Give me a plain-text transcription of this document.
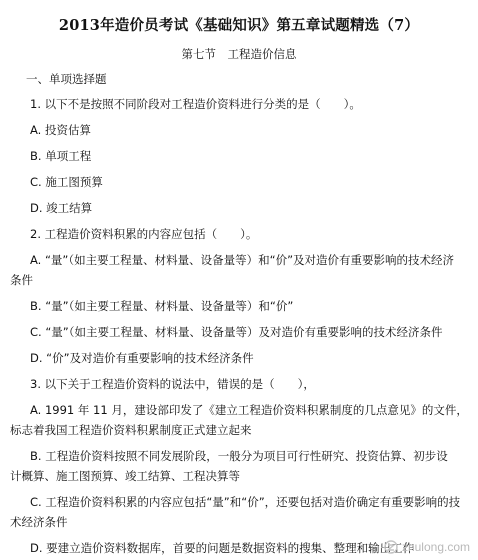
2013年造价员考试《基础知识》第五章试题精选（7）
第七节　工程造价信息
一、单项选择题
1. 以下不是按照不同阶段对工程造价资料进行分类的是（　　）。
A. 投资估算
B. 单项工程
C. 施工图预算
D. 竣工结算
2. 工程造价资料积累的内容应包括（　　）。
A. “量”（如主要工程量、材料量、设备量等）和“价”及对造价有重要影响的技术经济
条件
B. “量”（如主要工程量、材料量、设备量等）和“价”
C. “量”（如主要工程量、材料量、设备量等）及对造价有重要影响的技术经济条件
D. “价”及对造价有重要影响的技术经济条件
3. 以下关于工程造价资料的说法中，错误的是（　　），
A. 1991 年 11 月，建设部印发了《建立工程造价资料积累制度的几点意见》的文件，
标志着我国工程造价资料积累制度正式建立起来
B. 工程造价资料按照不同发展阶段，一般分为项目可行性研究、投资估算、初步设
计概算、施工图预算、竣工结算、工程决算等
C. 工程造价资料积累的内容应包括“量”和“价”，还要包括对造价确定有重要影响的技
术经济条件
D. 要建立造价资料数据库，首要的问题是数据资料的搜集、整理和输出工作
zhulong.com
